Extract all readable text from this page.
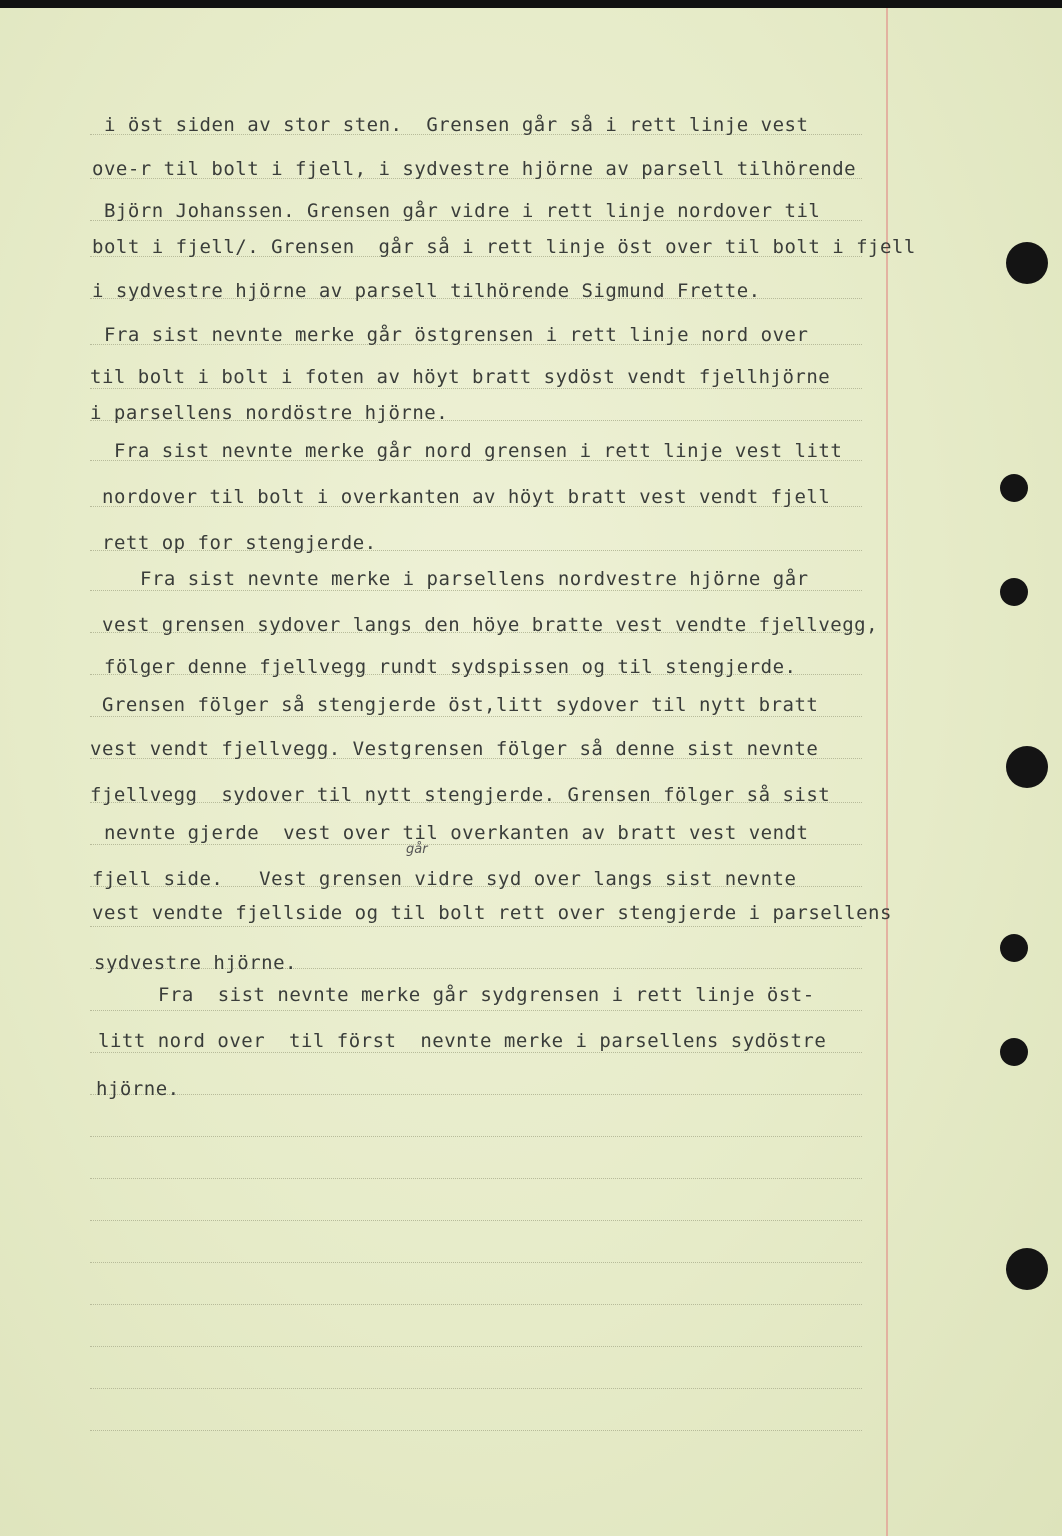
i öst siden av stor sten.  Grensen går så i rett linje vest
ove-r til bolt i fjell, i sydvestre hjörne av parsell tilhörende
Björn Johanssen. Grensen går vidre i rett linje nordover til
bolt i fjell/. Grensen  går så i rett linje öst over til bolt i fjell
i sydvestre hjörne av parsell tilhörende Sigmund Frette.
Fra sist nevnte merke går östgrensen i rett linje nord over
til bolt i bolt i foten av höyt bratt sydöst vendt fjellhjörne
i parsellens nordöstre hjörne.
Fra sist nevnte merke går nord grensen i rett linje vest litt
nordover til bolt i overkanten av höyt bratt vest vendt fjell
rett op for stengjerde.
Fra sist nevnte merke i parsellens nordvestre hjörne går
vest grensen sydover langs den höye bratte vest vendte fjellvegg,
fölger denne fjellvegg rundt sydspissen og til stengjerde.
Grensen fölger så stengjerde öst,litt sydover til nytt bratt
vest vendt fjellvegg. Vestgrensen fölger så denne sist nevnte
fjellvegg  sydover til nytt stengjerde. Grensen fölger så sist
nevnte gjerde  vest over til overkanten av bratt vest vendt
fjell side.   Vest grensen vidre syd over langs sist nevnte
vest vendte fjellside og til bolt rett over stengjerde i parsellens
sydvestre hjörne.
Fra  sist nevnte merke går sydgrensen i rett linje öst-
litt nord over  til först  nevnte merke i parsellens sydöstre
hjörne.
går
